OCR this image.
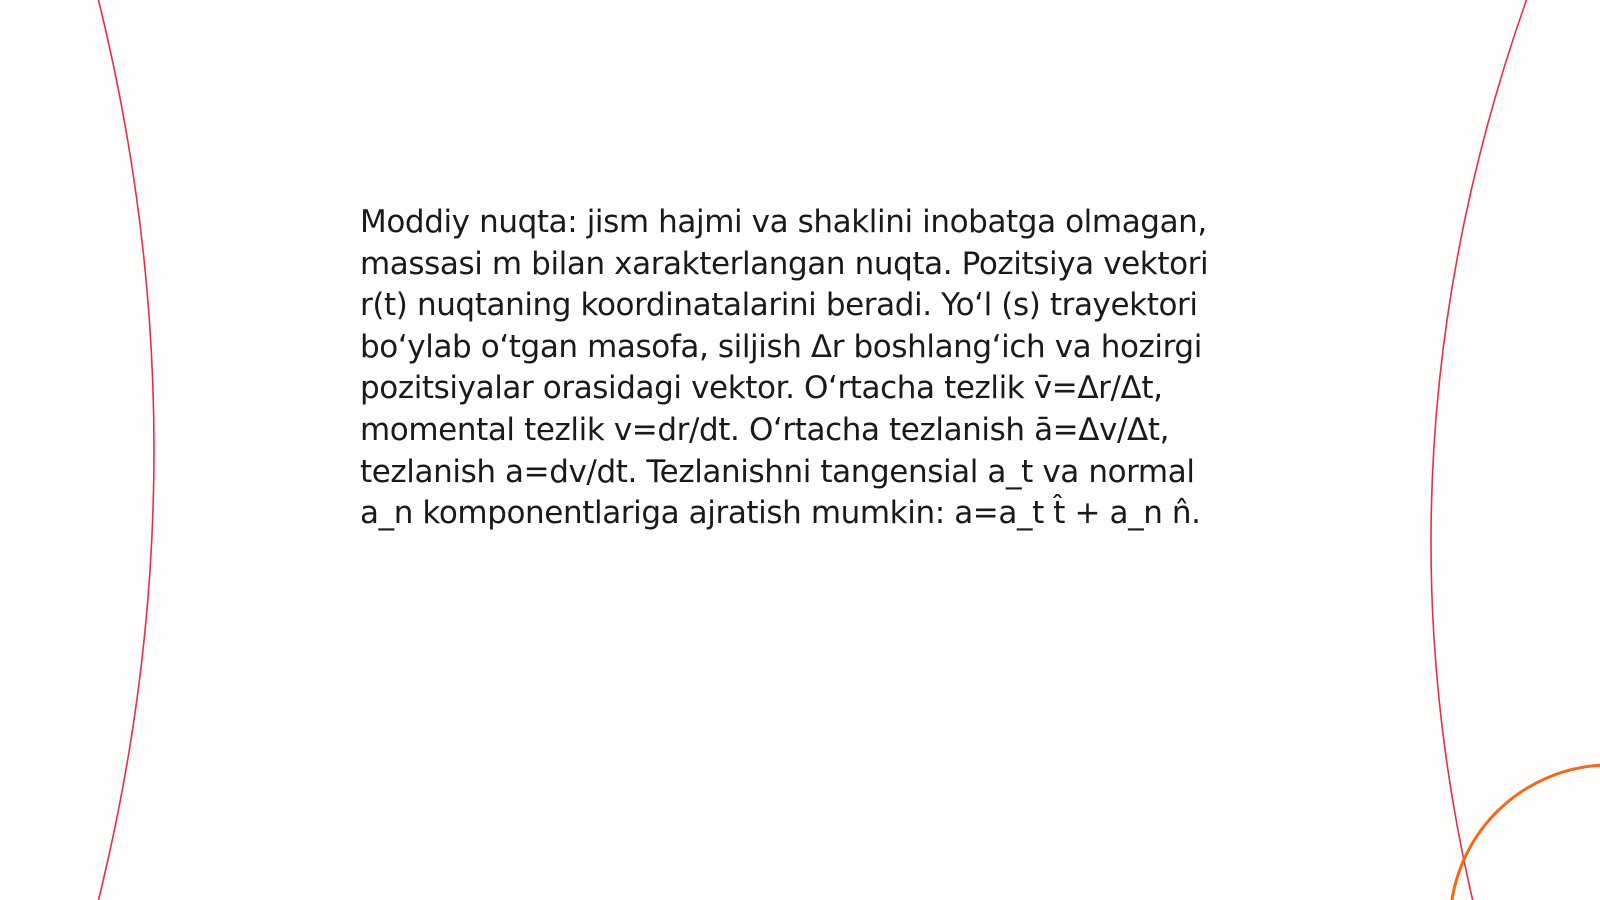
Moddiy nuqta: jism hajmi va shaklini inobatga olmagan, massasi m bilan xarakterlangan nuqta. Pozitsiya vektori r(t) nuqtaning koordinatalarini beradi. Yo‘l (s) trayektori bo‘ylab o‘tgan masofa, siljish Δr boshlang‘ich va hozirgi pozitsiyalar orasidagi vektor. O‘rtacha tezlik v̄=Δr/Δt, momental tezlik v=dr/dt. O‘rtacha tezlanish ā=Δv/Δt, tezlanish a=dv/dt. Tezlanishni tangensial a_t va normal a_n komponentlariga ajratish mumkin: a=a_t t̂ + a_n n̂.
